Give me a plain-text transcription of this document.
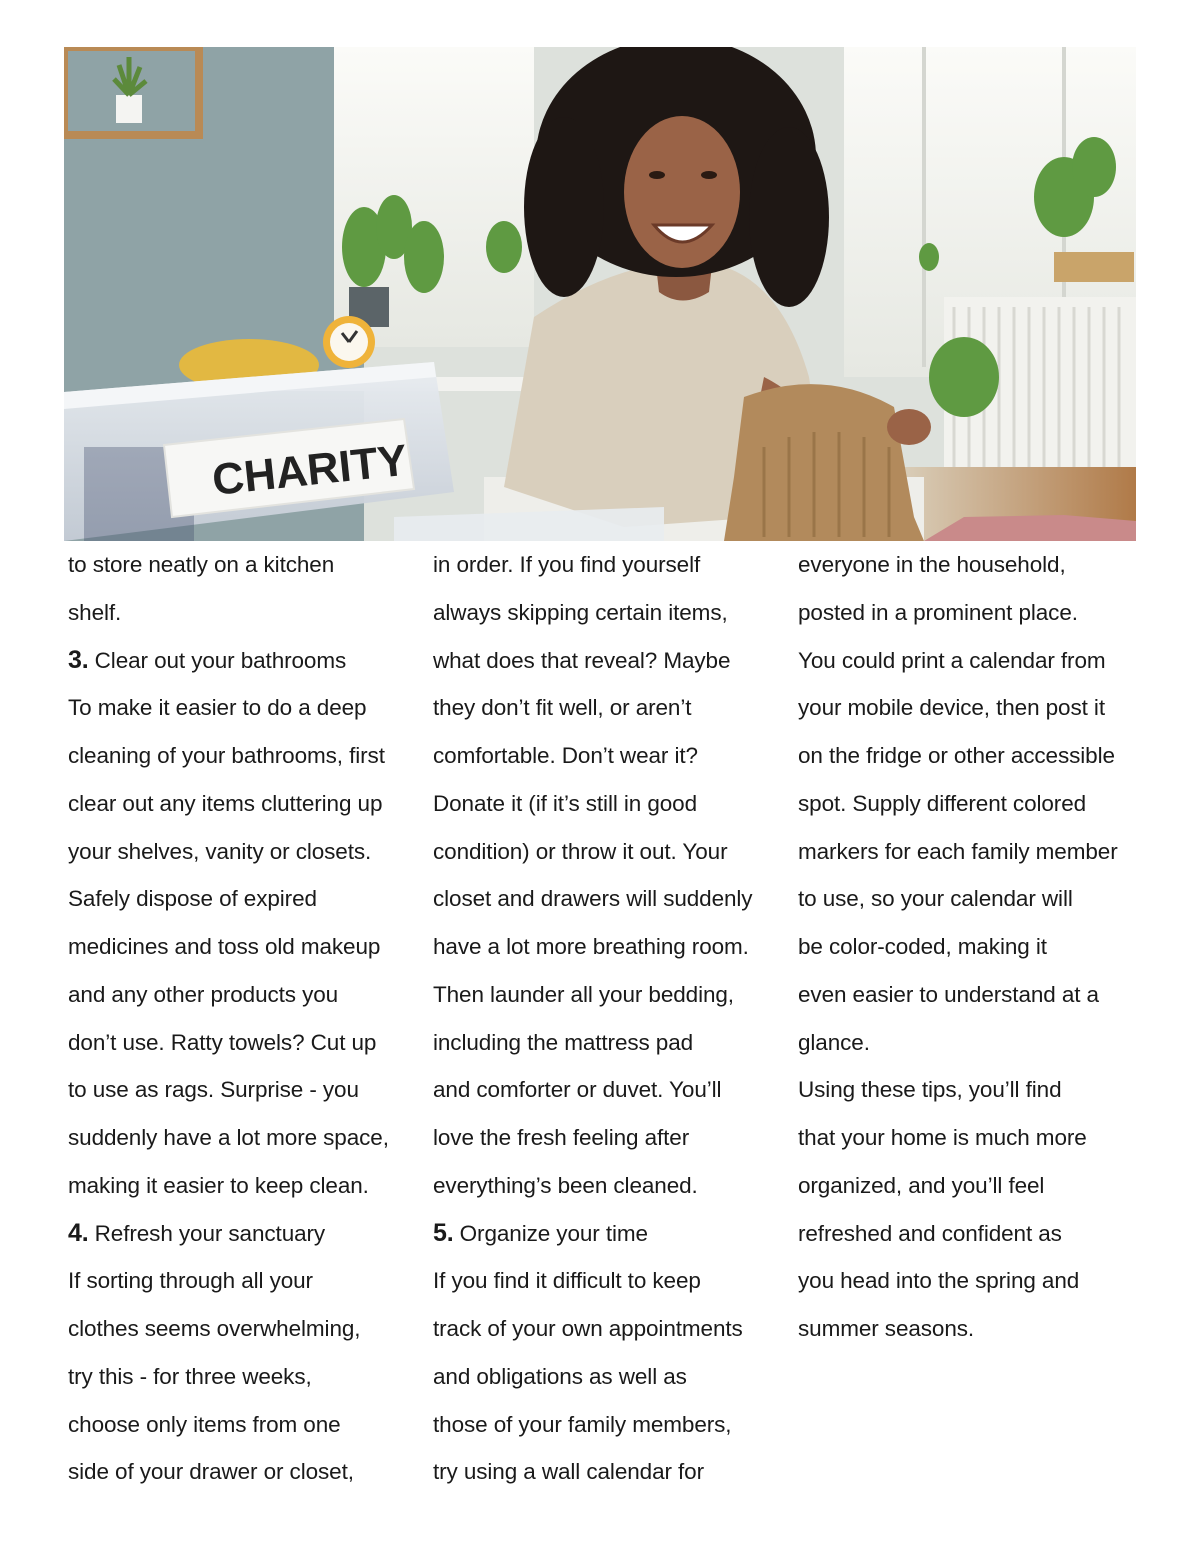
CHARITY
to store neatly on a kitchen
shelf.
3. Clear out your bathrooms
To make it easier to do a deep
cleaning of your bathrooms, first
clear out any items cluttering up
your shelves, vanity or closets.
Safely dispose of expired
medicines and toss old makeup
and any other products you
don’t use. Ratty towels? Cut up
to use as rags. Surprise - you
suddenly have a lot more space,
making it easier to keep clean.
4. Refresh your sanctuary
If sorting through all your
clothes seems overwhelming,
try this - for three weeks,
choose only items from one
side of your drawer or closet,
in order. If you find yourself
always skipping certain items,
what does that reveal? Maybe
they don’t fit well, or aren’t
comfortable. Don’t wear it?
Donate it (if it’s still in good
condition) or throw it out. Your
closet and drawers will suddenly
have a lot more breathing room.
Then launder all your bedding,
including the mattress pad
and comforter or duvet. You’ll
love the fresh feeling after
everything’s been cleaned.
5. Organize your time
If you find it difficult to keep
track of your own appointments
and obligations as well as
those of your family members,
try using a wall calendar for
everyone in the household,
posted in a prominent place.
You could print a calendar from
your mobile device, then post it
on the fridge or other accessible
spot. Supply different colored
markers for each family member
to use, so your calendar will
be color-coded, making it
even easier to understand at a
glance.
Using these tips, you’ll find
that your home is much more
organized, and you’ll feel
refreshed and confident as
you head into the spring and
summer seasons.
